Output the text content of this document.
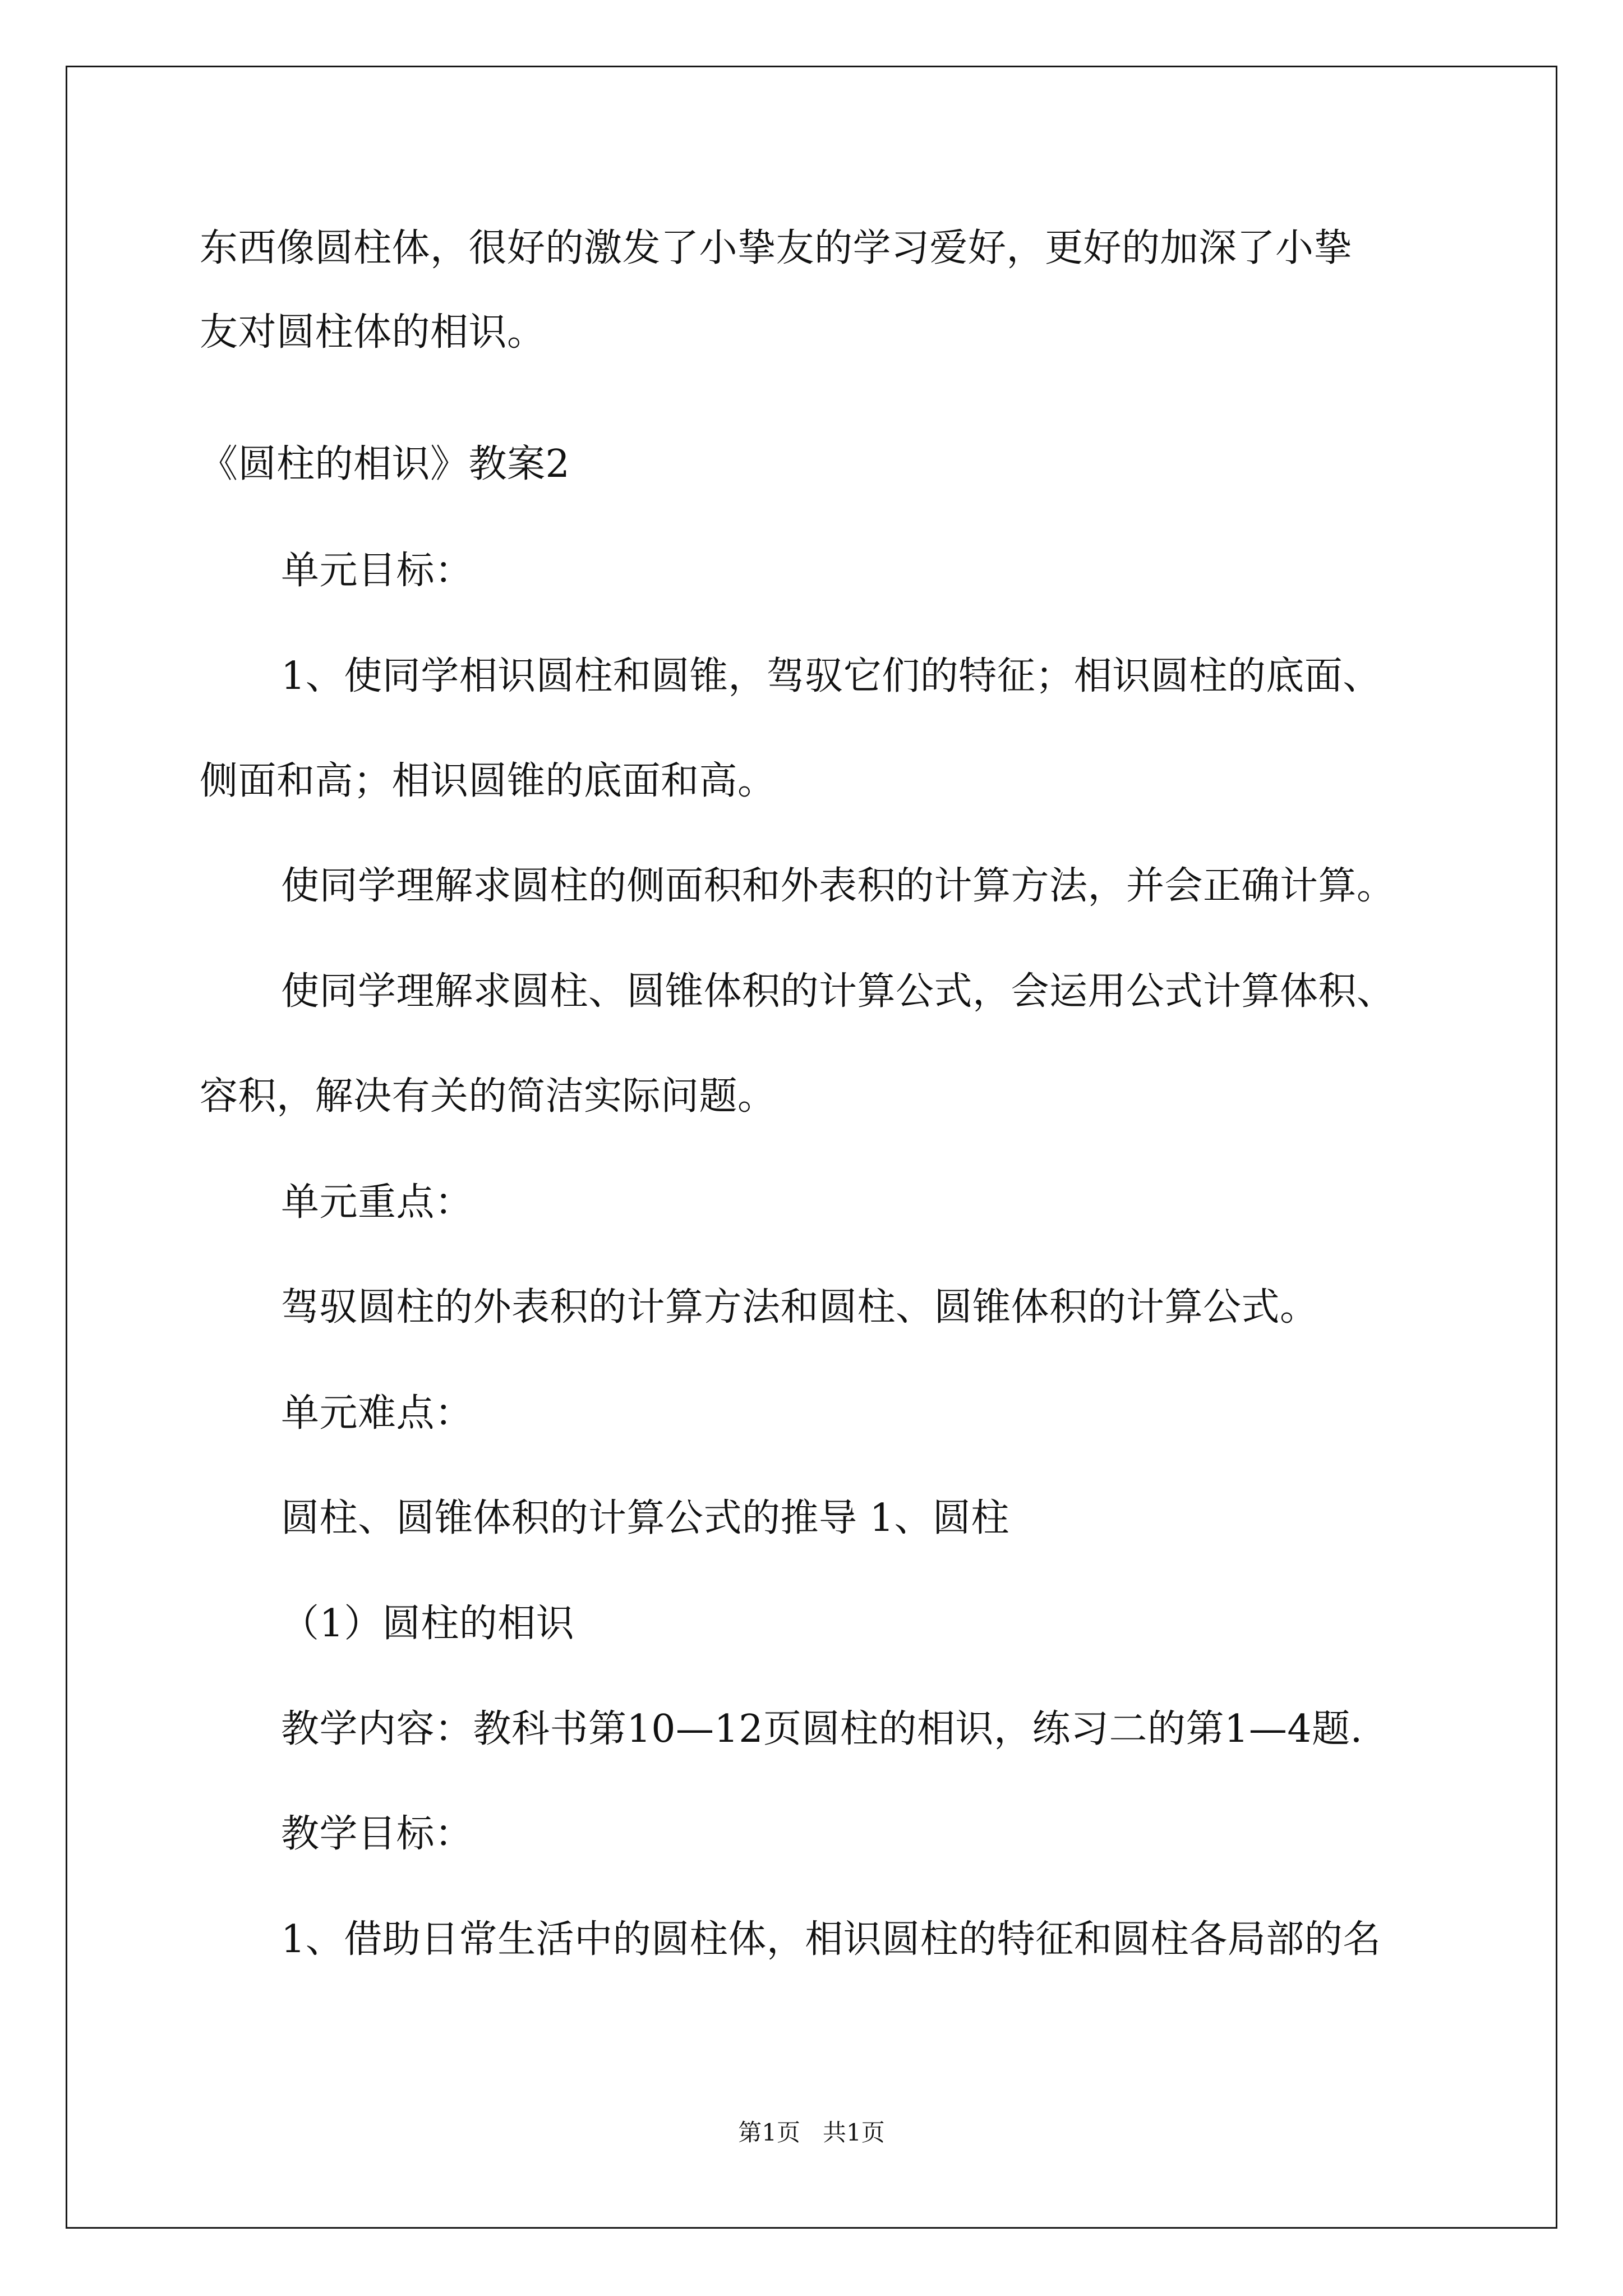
东西像圆柱体，很好的激发了小挚友的学习爱好，更好的加深了小挚
友对圆柱体的相识。
《圆柱的相识》教案2
单元目标：
1、使同学相识圆柱和圆锥，驾驭它们的特征；相识圆柱的底面、
侧面和高；相识圆锥的底面和高。
使同学理解求圆柱的侧面积和外表积的计算方法，并会正确计算。
使同学理解求圆柱、圆锥体积的计算公式，会运用公式计算体积、
容积，解决有关的简洁实际问题。
单元重点：
驾驭圆柱的外表积的计算方法和圆柱、圆锥体积的计算公式。
单元难点：
圆柱、圆锥体积的计算公式的推导 1、圆柱
（1）圆柱的相识
教学内容：教科书第10—12页圆柱的相识，练习二的第1—4题.
教学目标：
1、借助日常生活中的圆柱体，相识圆柱的特征和圆柱各局部的名
第1页   共1页
